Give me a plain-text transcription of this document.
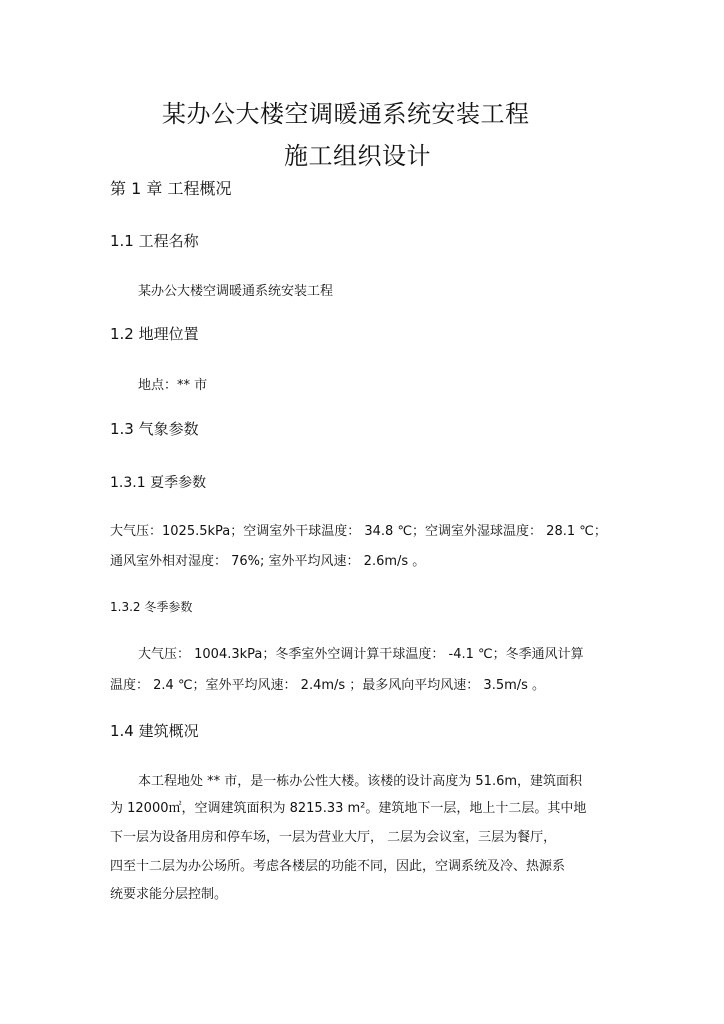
某办公大楼空调暖通系统安装工程
施工组织设计
第 1 章 工程概况
1.1 工程名称
某办公大楼空调暖通系统安装工程
1.2 地理位置
地点：** 市
1.3 气象参数
1.3.1 夏季参数
大气压：1025.5kPa；空调室外干球温度： 34.8 ℃；空调室外湿球温度： 28.1 ℃；
通风室外相对湿度： 76%; 室外平均风速： 2.6m/s 。
1.3.2 冬季参数
大气压： 1004.3kPa；冬季室外空调计算干球温度： -4.1 ℃；冬季通风计算
温度： 2.4 ℃；室外平均风速： 2.4m/s ；最多风向平均风速： 3.5m/s 。
1.4 建筑概况
本工程地处 ** 市，是一栋办公性大楼。该楼的设计高度为 51.6m，建筑面积
为 12000㎡，空调建筑面积为 8215.33 m²。建筑地下一层，地上十二层。其中地
下一层为设备用房和停车场，一层为营业大厅， 二层为会议室，三层为餐厅，
四至十二层为办公场所。考虑各楼层的功能不同，因此，空调系统及冷、热源系
统要求能分层控制。
